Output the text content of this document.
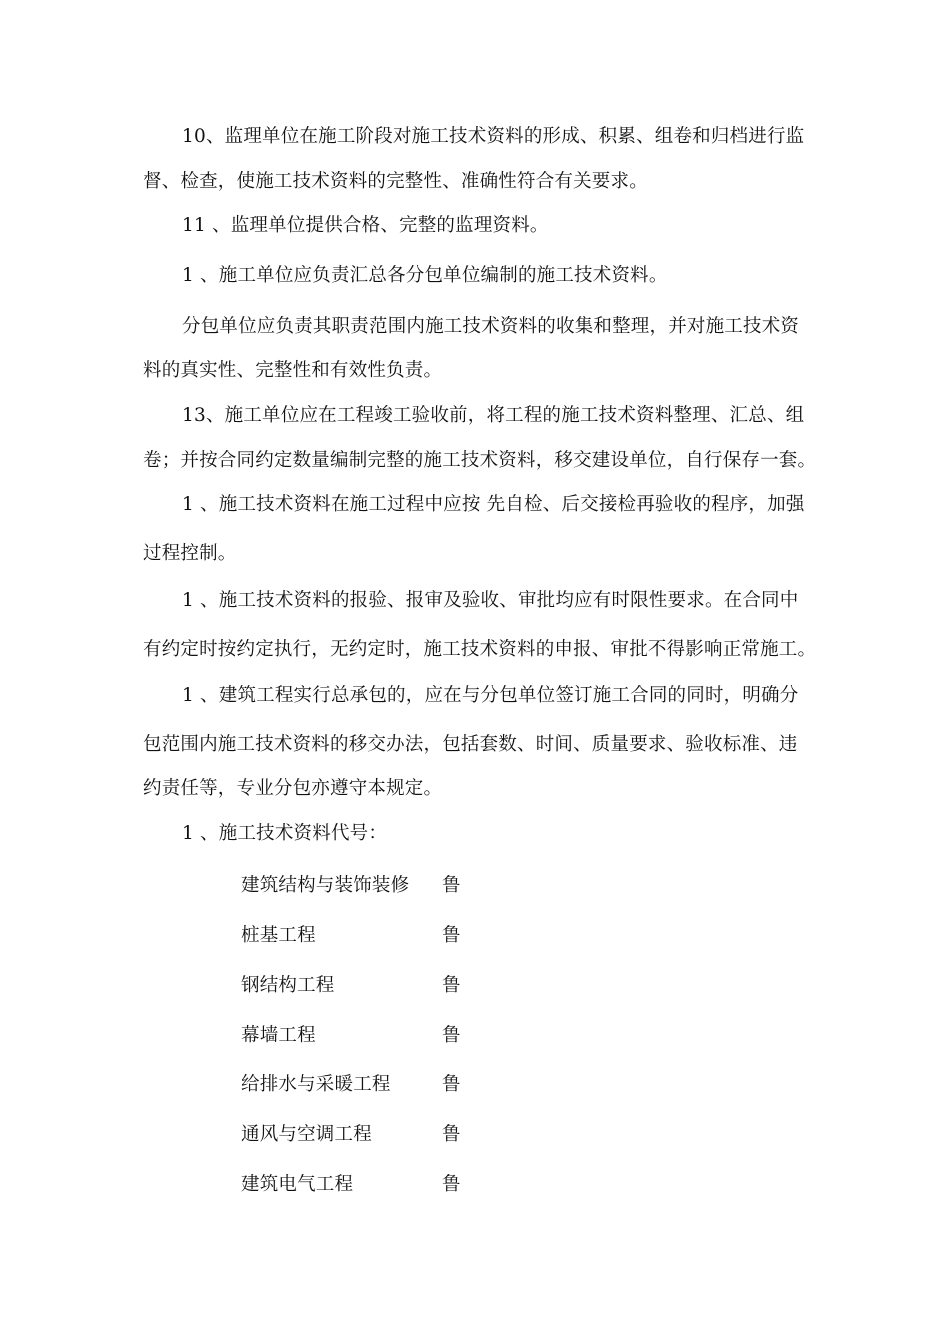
10、监理单位在施工阶段对施工技术资料的形成、积累、组卷和归档进行监
督、检查，使施工技术资料的完整性、准确性符合有关要求。
11 、监理单位提供合格、完整的监理资料。
1 、施工单位应负责汇总各分包单位编制的施工技术资料。
分包单位应负责其职责范围内施工技术资料的收集和整理，并对施工技术资
料的真实性、完整性和有效性负责。
13、施工单位应在工程竣工验收前，将工程的施工技术资料整理、汇总、组
卷；并按合同约定数量编制完整的施工技术资料，移交建设单位，自行保存一套。
1 、施工技术资料在施工过程中应按 先自检、后交接检再验收的程序，加强
过程控制。
1 、施工技术资料的报验、报审及验收、审批均应有时限性要求。在合同中
有约定时按约定执行，无约定时，施工技术资料的申报、审批不得影响正常施工。
1 、建筑工程实行总承包的，应在与分包单位签订施工合同的同时，明确分
包范围内施工技术资料的移交办法，包括套数、时间、质量要求、验收标准、违
约责任等，专业分包亦遵守本规定。
1 、施工技术资料代号：
建筑结构与装饰装修 鲁
桩基工程	鲁
钢结构工程	鲁
幕墙工程	鲁
给排水与采暖工程	鲁
通风与空调工程	鲁
建筑电气工程	鲁
